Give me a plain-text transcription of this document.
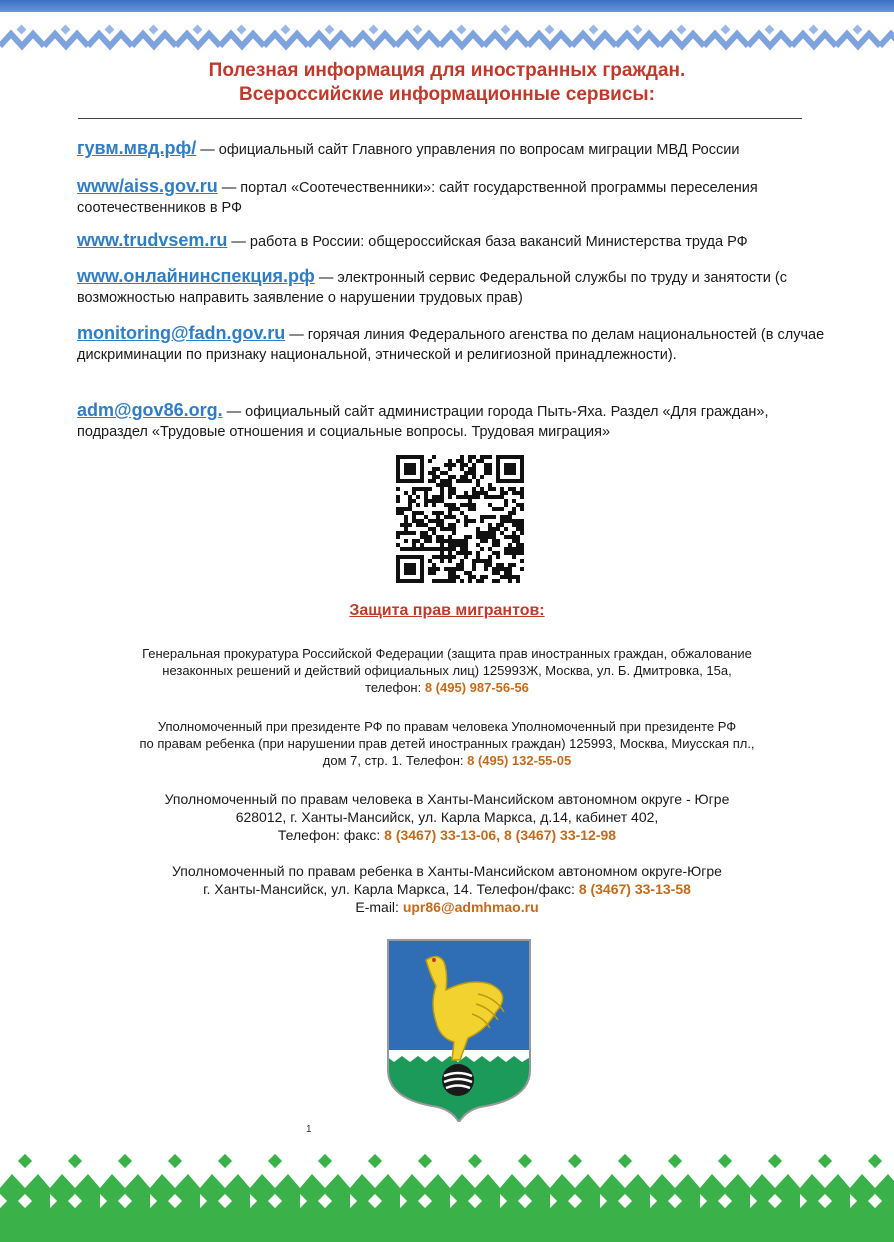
Полезная информация для иностранных граждан.
Всероссийские информационные сервисы:
гувм.мвд.рф/ — официальный сайт Главного управления по вопросам миграции МВД России
www/aiss.gov.ru — портал «Соотечественники»: сайт государственной программы переселения соотечественников в РФ
www.trudvsem.ru — работа в России: общероссийская база вакансий Министерства труда РФ
www.онлайнинспекция.рф — электронный сервис Федеральной службы по труду и занятости (с возможностью направить заявление о нарушении трудовых прав)
monitoring@fadn.gov.ru — горячая линия Федерального агенства по делам национальностей (в случае дискриминации по признаку национальной, этнической и религиозной принадлежности).
adm@gov86.org. — официальный сайт администрации города Пыть-Яха. Раздел «Для граждан», подраздел «Трудовые отношения и социальные вопросы. Трудовая миграция»
Защита прав мигрантов:
Генеральная прокуратура Российской Федерации (защита прав иностранных граждан, обжалование
незаконных решений и действий официальных лиц) 125993Ж, Москва, ул. Б. Дмитровка, 15а,
телефон: 8 (495) 987-56-56
Уполномоченный при президенте РФ по правам человека Уполномоченный при президенте РФ
по правам ребенка (при нарушении прав детей иностранных граждан) 125993, Москва, Миусская пл.,
дом 7, стр. 1. Телефон: 8 (495) 132-55-05
Уполномоченный по правам человека в Ханты-Мансийском автономном округе - Югре
628012, г. Ханты-Мансийск, ул. Карла Маркса, д.14, кабинет 402,
Телефон: факс: 8 (3467) 33-13-06, 8 (3467) 33-12-98
Уполномоченный по правам ребенка в Ханты-Мансийском автономном округе-Югре
г. Ханты-Мансийск, ул. Карла Маркса, 14. Телефон/факс: 8 (3467) 33-13-58
E-mail: upr86@admhmao.ru
1
